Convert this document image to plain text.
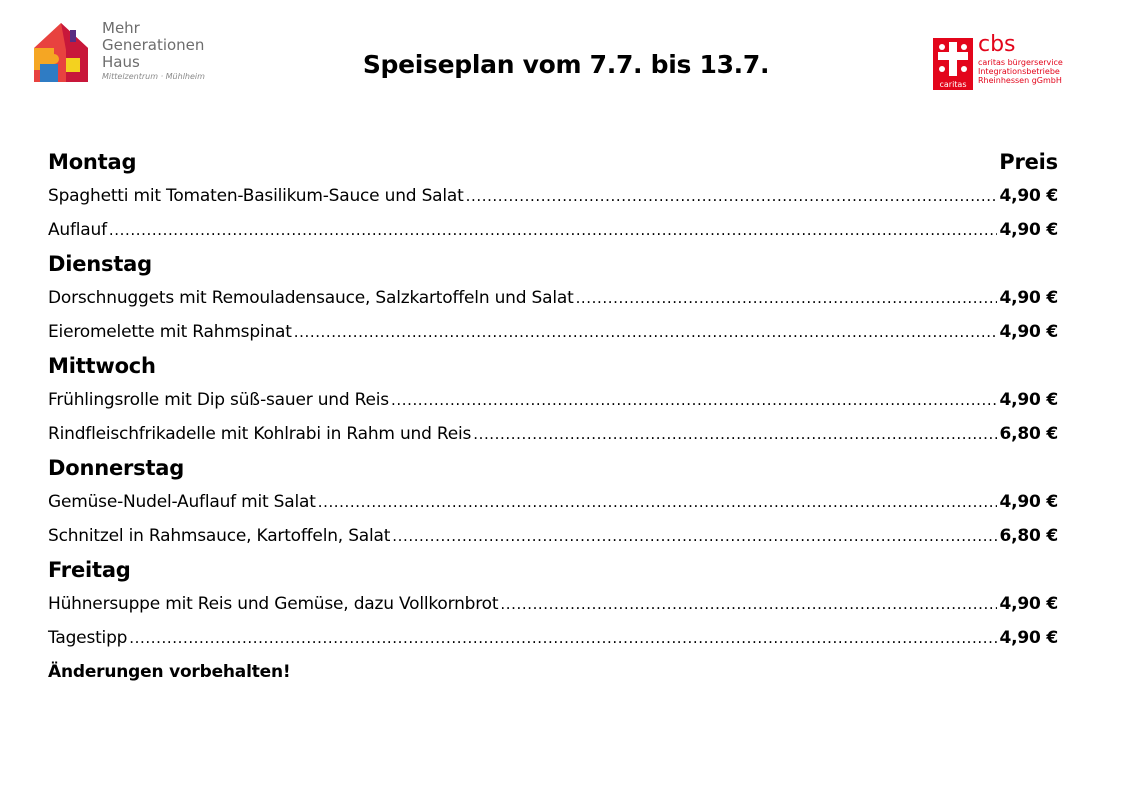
Mehr
Generationen
Haus
Mittelzentrum · Mühlheim	Speiseplan vom 7.7. bis 13.7.
caritas
cbs
caritas bürgerservice
Integrationsbetriebe
Rheinhessen gGmbH
Montag	Preis
Spaghetti mit Tomaten-Basilikum-Sauce und Salat .....	4,90 €
Auflauf .....	4,90 €
Dienstag
Dorschnuggets mit Remouladensauce, Salzkartoffeln und Salat .....	4,90 €
Eieromelette mit Rahmspinat .....	4,90 €
Mittwoch
Frühlingsrolle mit Dip süß-sauer und Reis .....	4,90 €
Rindfleischfrikadelle mit Kohlrabi in Rahm und Reis .....	6,80 €
Donnerstag
Gemüse-Nudel-Auflauf mit Salat .....	4,90 €
Schnitzel in Rahmsauce, Kartoffeln, Salat .....	6,80 €
Freitag
Hühnersuppe mit Reis und Gemüse, dazu Vollkornbrot .....	4,90 €
Tagestipp .....	4,90 €
Änderungen vorbehalten!
